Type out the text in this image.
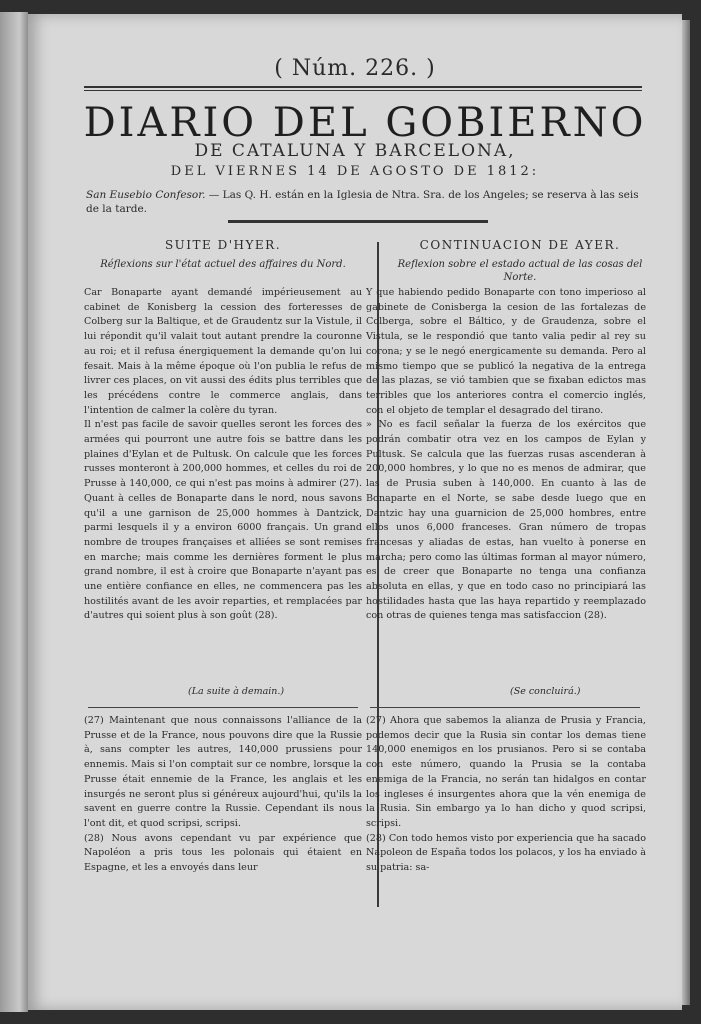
( Núm. 226. )
DIARIO DEL GOBIERNO
DE CATALUNA Y BARCELONA,
DEL VIERNES 14 DE AGOSTO DE 1812:
San Eusebio Confesor. — Las Q. H. están en la Iglesia de Ntra. Sra. de los Angeles; se reserva à las seis de la tarde.
SUITE D'HYER.
Réflexions sur l'état actuel des affaires du Nord.
Car Bonaparte ayant demandé impérieusement au cabinet de Konisberg la cession des forteresses de Colberg sur la Baltique, et de Graudentz sur la Vistule, il lui répondit qu'il valait tout autant prendre la couronne au roi; et il refusa énergiquement la demande qu'on lui fesait. Mais à la même époque où l'on publia le refus de livrer ces places, on vit aussi des édits plus terribles que les précédens contre le commerce anglais, dans l'intention de calmer la colère du tyran.
Il n'est pas facile de savoir quelles seront les forces des armées qui pourront une autre fois se battre dans les plaines d'Eylan et de Pultusk. On calcule que les forces russes monteront à 200,000 hommes, et celles du roi de Prusse à 140,000, ce qui n'est pas moins à admirer (27). Quant à celles de Bonaparte dans le nord, nous savons qu'il a une garnison de 25,000 hommes à Dantzick, parmi lesquels il y a environ 6000 français. Un grand nombre de troupes françaises et alliées se sont remises en marche; mais comme les dernières forment le plus grand nombre, il est à croire que Bonaparte n'ayant pas une entière confiance en elles, ne commencera pas les hostilités avant de les avoir reparties, et remplacées par d'autres qui soient plus à son goût (28).
(La suite à demain.)
(27) Maintenant que nous connaissons l'alliance de la Prusse et de la France, nous pouvons dire que la Russie à, sans compter les autres, 140,000 prussiens pour ennemis. Mais si l'on comptait sur ce nombre, lorsque la Prusse était ennemie de la France, les anglais et les insurgés ne seront plus si généreux aujourd'hui, qu'ils la savent en guerre contre la Russie. Cependant ils nous l'ont dit, et quod scripsi, scripsi.
(28) Nous avons cependant vu par expérience que Napoléon a pris tous les polonais qui étaient en Espagne, et les a envoyés dans leur
CONTINUACION DE AYER.
Reflexion sobre el estado actual de las cosas del Norte.
Y que habiendo pedido Bonaparte con tono imperioso al gabinete de Conisberga la cesion de las fortalezas de Colberga, sobre el Báltico, y de Graudenza, sobre el Vistula, se le respondió que tanto valia pedir al rey su corona; y se le negó energicamente su demanda. Pero al mismo tiempo que se publicó la negativa de la entrega de las plazas, se vió tambien que se fixaban edictos mas terribles que los anteriores contra el comercio inglés, con el objeto de templar el desagrado del tirano.
» No es facil señalar la fuerza de los exércitos que podrán combatir otra vez en los campos de Eylan y Pultusk. Se calcula que las fuerzas rusas ascenderan à 200,000 hombres, y lo que no es menos de admirar, que las de Prusia suben à 140,000. En cuanto à las de Bonaparte en el Norte, se sabe desde luego que en Dantzic hay una guarnicion de 25,000 hombres, entre ellos unos 6,000 franceses. Gran número de tropas francesas y aliadas de estas, han vuelto à ponerse en marcha; pero como las últimas forman al mayor número, es de creer que Bonaparte no tenga una confianza absoluta en ellas, y que en todo caso no principiará las hostilidades hasta que las haya repartido y reemplazado con otras de quienes tenga mas satisfaccion (28).
(Se concluirá.)
(27) Ahora que sabemos la alianza de Prusia y Francia, podemos decir que la Rusia sin contar los demas tiene 140,000 enemigos en los prusianos. Pero si se contaba con este número, quando la Prusia se la contaba enemiga de la Francia, no serán tan hidalgos en contar los ingleses é insurgentes ahora que la vén enemiga de la Rusia. Sin embargo ya lo han dicho y quod scripsi, scripsi.
(28) Con todo hemos visto por experiencia que ha sacado Napoleon de España todos los polacos, y los ha enviado à su patria: sa-
